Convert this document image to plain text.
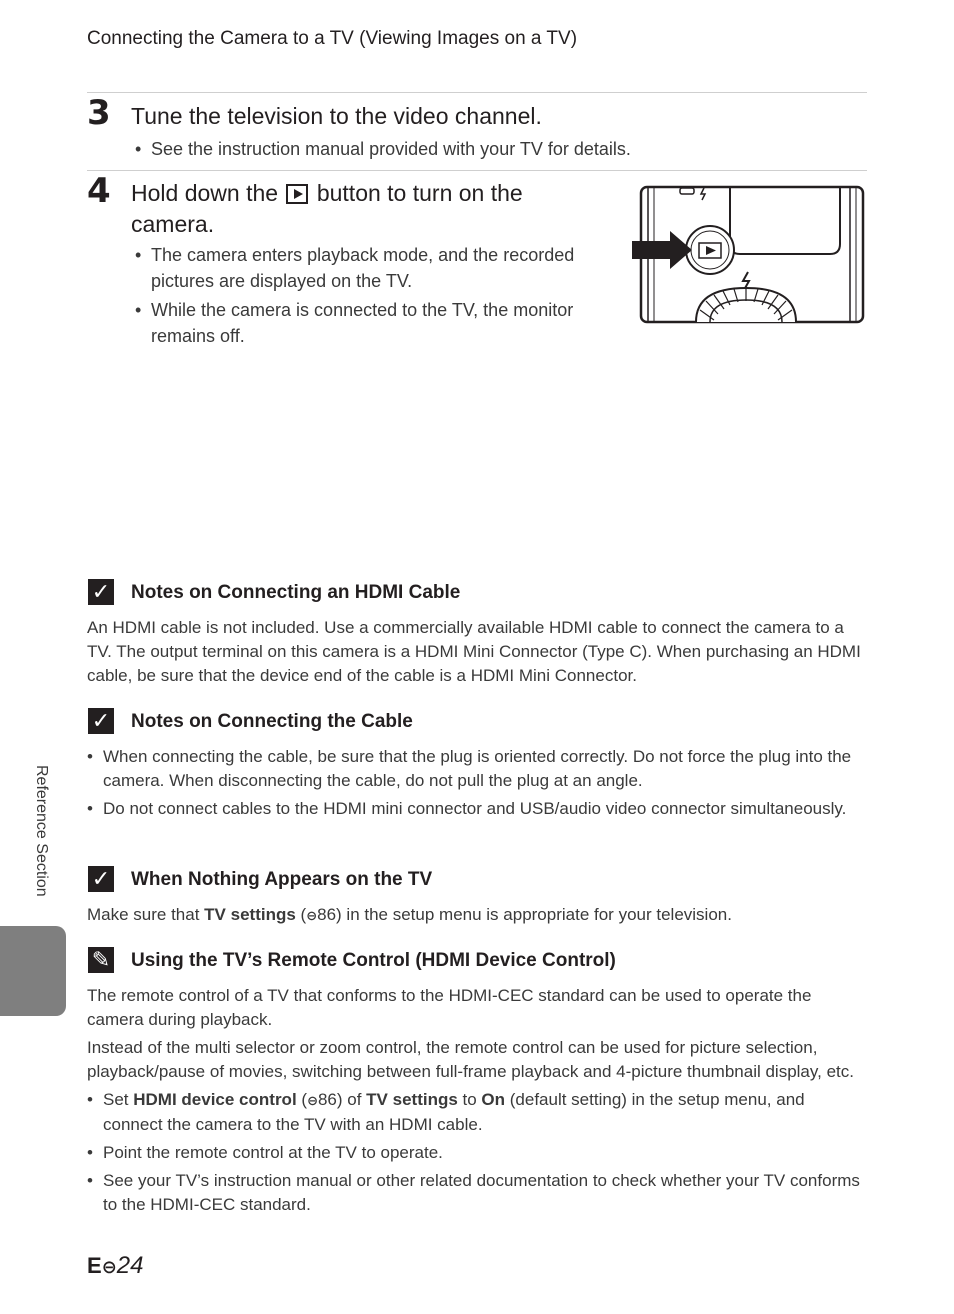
Connecting the Camera to a TV (Viewing Images on a TV)
3 Tune the television to the video channel.
• See the instruction manual provided with your TV for details.
4 Hold down the button to turn on the
camera.
• The camera enters playback mode, and the recorded pictures are displayed on the TV.
• While the camera is connected to the TV, the monitor remains off.
✓ Notes on Connecting an HDMI Cable
An HDMI cable is not included. Use a commercially available HDMI cable to connect the camera to a TV. The output terminal on this camera is a HDMI Mini Connector (Type C). When purchasing an HDMI cable, be sure that the device end of the cable is a HDMI Mini Connector.
✓ Notes on Connecting the Cable
• When connecting the cable, be sure that the plug is oriented correctly. Do not force the plug into the camera. When disconnecting the cable, do not pull the plug at an angle.
• Do not connect cables to the HDMI mini connector and USB/audio video connector simultaneously.
✓ When Nothing Appears on the TV
Make sure that TV settings (⊖86) in the setup menu is appropriate for your television.
✎ Using the TV’s Remote Control (HDMI Device Control)

The remote control of a TV that conforms to the HDMI-CEC standard can be used to operate the camera during playback.

Instead of the multi selector or zoom control, the remote control can be used for picture selection, playback/pause of movies, switching between full-frame playback and 4-picture thumbnail display, etc.

• Set HDMI device control (⊖86) of TV settings to On (default setting) in the setup menu, and connect the camera to the TV with an HDMI cable.
• Point the remote control at the TV to operate.
• See your TV’s instruction manual or other related documentation to check whether your TV conforms to the HDMI-CEC standard.
Reference Section
E⊖24
